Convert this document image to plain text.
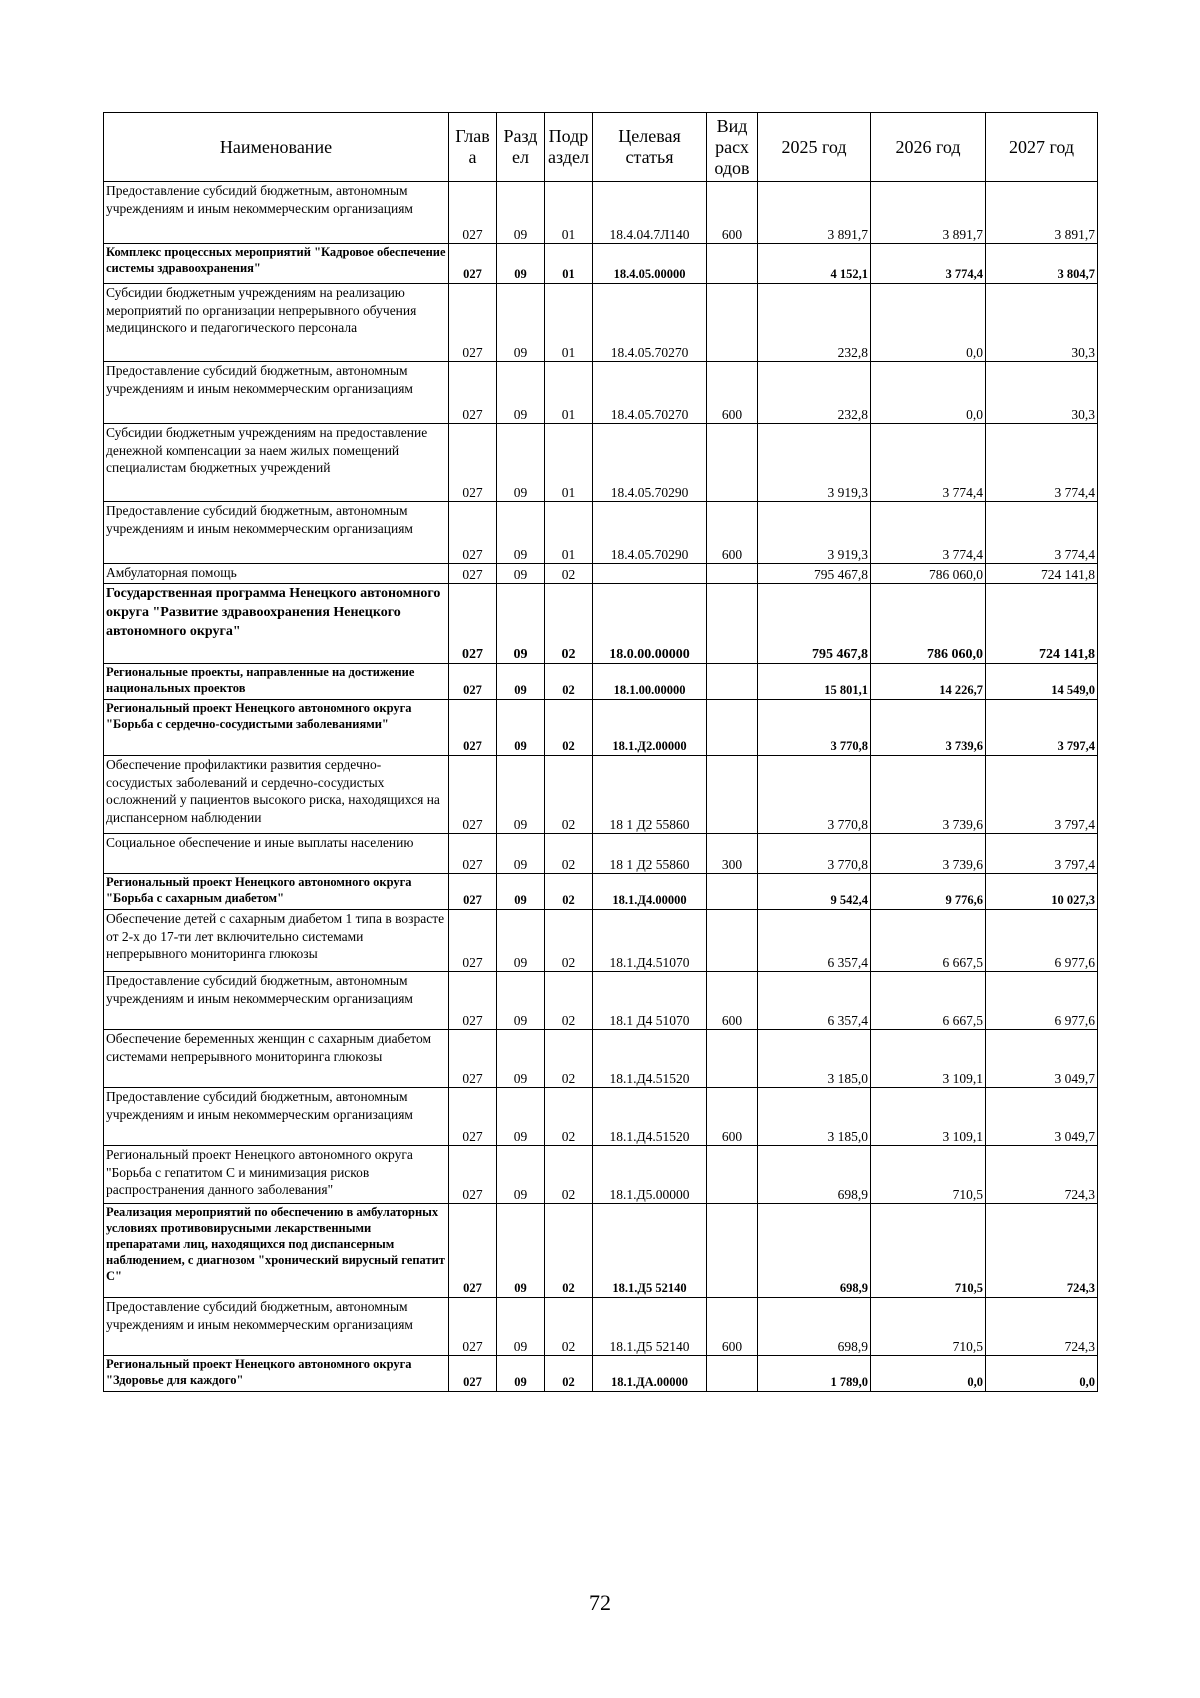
Наименование	Глав а	Разд ел	Подр аздел	Целевая статья	Вид расх одов	2025 год	2026 год	2027 год
Предоставление субсидий бюджетным, автономным учреждениям и иным некоммерческим организациям	027	09	01	18.4.04.7Л140	600	3 891,7	3 891,7	3 891,7
Комплекс процессных мероприятий "Кадровое обеспечение системы здравоохранения"	027	09	01	18.4.05.00000		4 152,1	3 774,4	3 804,7
Субсидии бюджетным учреждениям на реализацию мероприятий по организации непрерывного обучения медицинского и педагогического персонала	027	09	01	18.4.05.70270		232,8	0,0	30,3
Предоставление субсидий бюджетным, автономным учреждениям и иным некоммерческим организациям	027	09	01	18.4.05.70270	600	232,8	0,0	30,3
Субсидии бюджетным учреждениям на предоставление денежной компенсации за наем жилых помещений специалистам бюджетных учреждений	027	09	01	18.4.05.70290		3 919,3	3 774,4	3 774,4
Предоставление субсидий бюджетным, автономным учреждениям и иным некоммерческим организациям	027	09	01	18.4.05.70290	600	3 919,3	3 774,4	3 774,4
Амбулаторная помощь	027	09	02			795 467,8	786 060,0	724 141,8
Государственная программа Ненецкого автономного округа "Развитие здравоохранения Ненецкого автономного округа"	027	09	02	18.0.00.00000		795 467,8	786 060,0	724 141,8
Региональные проекты, направленные на достижение национальных проектов	027	09	02	18.1.00.00000		15 801,1	14 226,7	14 549,0
Региональный проект Ненецкого автономного округа "Борьба с сердечно-сосудистыми заболеваниями"	027	09	02	18.1.Д2.00000		3 770,8	3 739,6	3 797,4
Обеспечение профилактики развития сердечно-сосудистых заболеваний и сердечно-сосудистых осложнений у пациентов высокого риска, находящихся на диспансерном наблюдении	027	09	02	18 1 Д2 55860		3 770,8	3 739,6	3 797,4
Социальное обеспечение и иные выплаты населению	027	09	02	18 1 Д2 55860	300	3 770,8	3 739,6	3 797,4
Региональный проект Ненецкого автономного округа "Борьба с сахарным диабетом"	027	09	02	18.1.Д4.00000		9 542,4	9 776,6	10 027,3
Обеспечение детей с сахарным диабетом 1 типа в возрасте от 2-х до 17-ти лет включительно системами непрерывного мониторинга глюкозы	027	09	02	18.1.Д4.51070		6 357,4	6 667,5	6 977,6
Предоставление субсидий бюджетным, автономным учреждениям и иным некоммерческим организациям	027	09	02	18.1 Д4 51070	600	6 357,4	6 667,5	6 977,6
Обеспечение беременных женщин с сахарным диабетом системами непрерывного мониторинга глюкозы	027	09	02	18.1.Д4.51520		3 185,0	3 109,1	3 049,7
Предоставление субсидий бюджетным, автономным учреждениям и иным некоммерческим организациям	027	09	02	18.1.Д4.51520	600	3 185,0	3 109,1	3 049,7
Региональный проект Ненецкого автономного округа "Борьба с гепатитом С и минимизация рисков распространения данного заболевания"	027	09	02	18.1.Д5.00000		698,9	710,5	724,3
Реализация мероприятий по обеспечению в амбулаторных условиях противовирусными лекарственными препаратами лиц, находящихся под диспансерным наблюдением, с диагнозом "хронический вирусный гепатит С"	027	09	02	18.1.Д5 52140		698,9	710,5	724,3
Предоставление субсидий бюджетным, автономным учреждениям и иным некоммерческим организациям	027	09	02	18.1.Д5 52140	600	698,9	710,5	724,3
Региональный проект Ненецкого автономного округа "Здоровье для каждого"	027	09	02	18.1.ДА.00000		1 789,0	0,0	0,0
72
